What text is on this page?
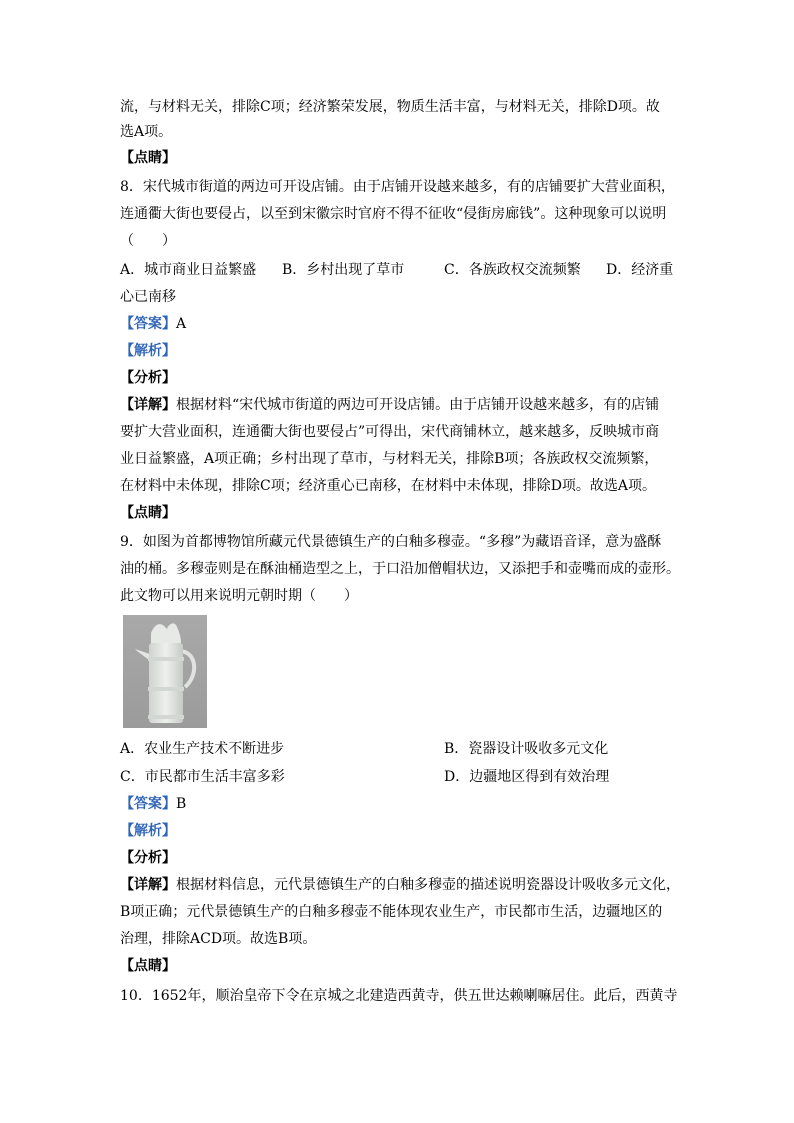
流，与材料无关，排除C项；经济繁荣发展，物质生活丰富，与材料无关，排除D项。故
选A项。
【点睛】
8．宋代城市街道的两边可开设店铺。由于店铺开设越来越多，有的店铺要扩大营业面积，
连通衢大街也要侵占，以至到宋徽宗时官府不得不征收“侵街房廊钱”。这种现象可以说明
（　　）
A．城市商业日益繁盛 B．乡村出现了草市	C．各族政权交流频繁 D．经济重
心已南移
【答案】A
【解析】
【分析】
【详解】根据材料“宋代城市街道的两边可开设店铺。由于店铺开设越来越多，有的店铺
要扩大营业面积，连通衢大街也要侵占”可得出，宋代商铺林立，越来越多，反映城市商
业日益繁盛，A项正确；乡村出现了草市，与材料无关，排除B项；各族政权交流频繁，
在材料中未体现，排除C项；经济重心已南移，在材料中未体现，排除D项。故选A项。
【点睛】
9．如图为首都博物馆所藏元代景德镇生产的白釉多穆壶。“多穆”为藏语音译，意为盛酥
油的桶。多穆壶则是在酥油桶造型之上，于口沿加僧帽状边，又添把手和壶嘴而成的壶形。
此文物可以用来说明元朝时期（　　）
A．农业生产技术不断进步	B．瓷器设计吸收多元文化
C．市民都市生活丰富多彩	D．边疆地区得到有效治理
【答案】B
【解析】
【分析】
【详解】根据材料信息，元代景德镇生产的白釉多穆壶的描述说明瓷器设计吸收多元文化，
B项正确；元代景德镇生产的白釉多穆壶不能体现农业生产，市民都市生活，边疆地区的
治理，排除ACD项。故选B项。
【点睛】
10．1652年，顺治皇帝下令在京城之北建造西黄寺，供五世达赖喇嘛居住。此后，西黄寺
